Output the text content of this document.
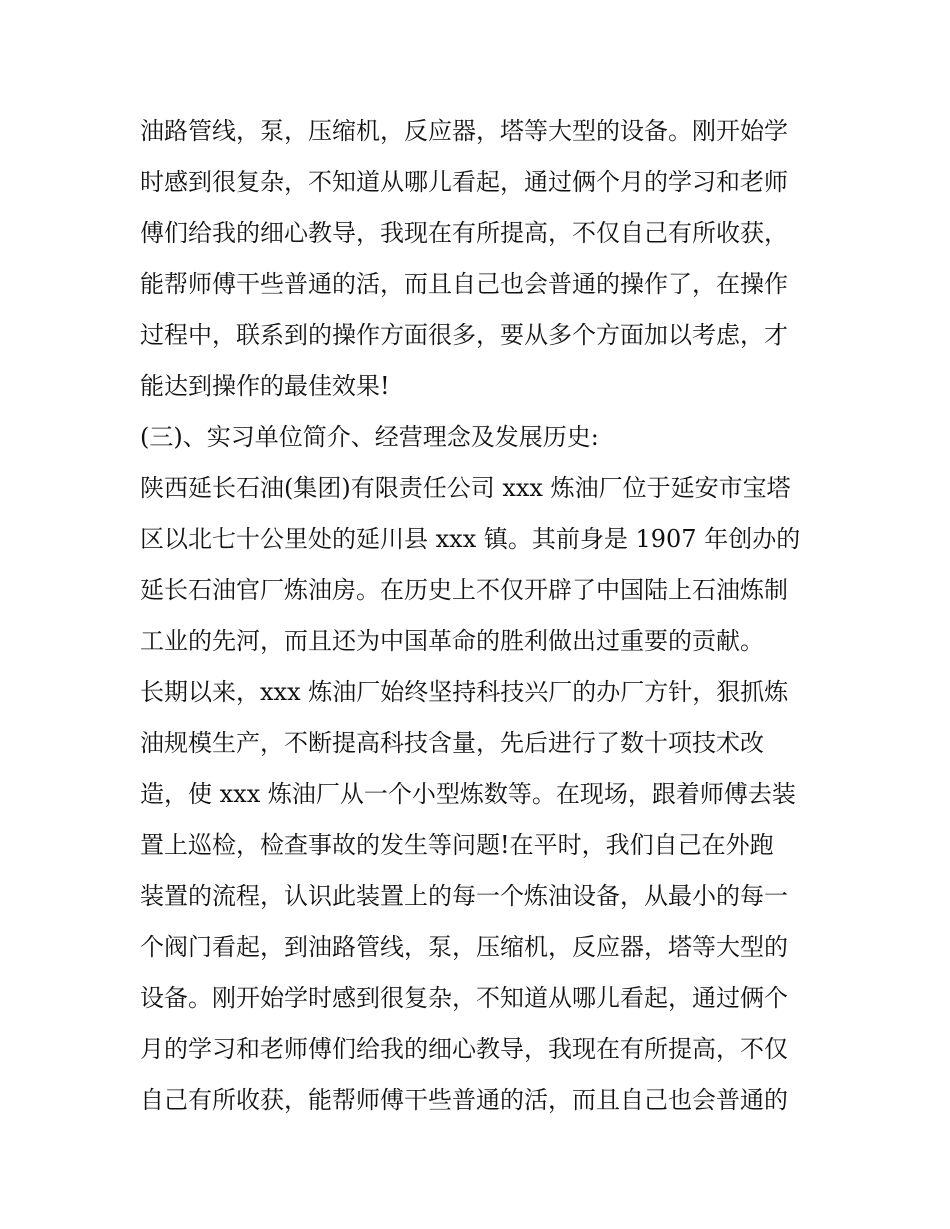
油路管线，泵，压缩机，反应器，塔等大型的设备。刚开始学
时感到很复杂，不知道从哪儿看起，通过俩个月的学习和老师
傅们给我的细心教导，我现在有所提高，不仅自己有所收获，
能帮师傅干些普通的活，而且自己也会普通的操作了，在操作
过程中，联系到的操作方面很多，要从多个方面加以考虑，才
能达到操作的最佳效果!
(三)、实习单位简介、经营理念及发展历史:
陕西延长石油(集团)有限责任公司 xxx 炼油厂位于延安市宝塔
区以北七十公里处的延川县 xxx 镇。其前身是 1907 年创办的
延长石油官厂炼油房。在历史上不仅开辟了中国陆上石油炼制
工业的先河，而且还为中国革命的胜利做出过重要的贡献。
长期以来，xxx 炼油厂始终坚持科技兴厂的办厂方针，狠抓炼
油规模生产，不断提高科技含量，先后进行了数十项技术改
造，使 xxx 炼油厂从一个小型炼数等。在现场，跟着师傅去装
置上巡检，检查事故的发生等问题!在平时，我们自己在外跑
装置的流程，认识此装置上的每一个炼油设备，从最小的每一
个阀门看起，到油路管线，泵，压缩机，反应器，塔等大型的
设备。刚开始学时感到很复杂，不知道从哪儿看起，通过俩个
月的学习和老师傅们给我的细心教导，我现在有所提高，不仅
自己有所收获，能帮师傅干些普通的活，而且自己也会普通的
